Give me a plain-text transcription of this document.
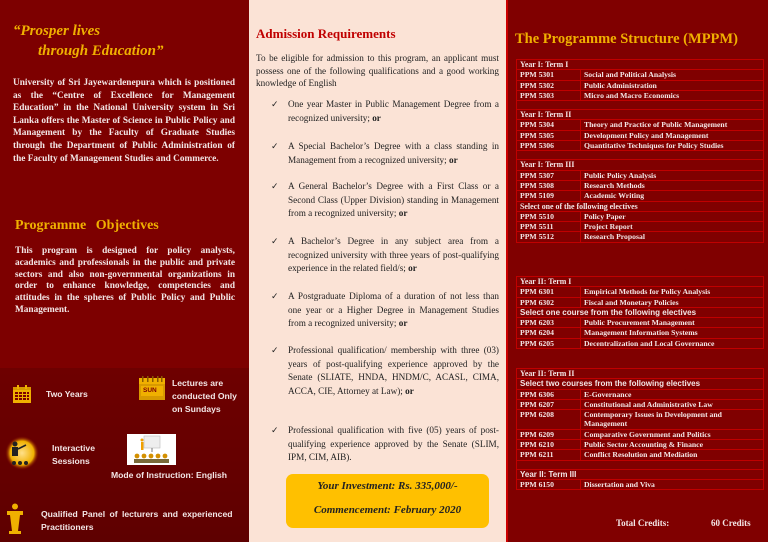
“Prosper lives
through Education”

University of Sri Jayewardenepura which is positioned as the “Centre of Excellence for Management Education” in the National University system in Sri Lanka offers the Master of Science in Public Policy and Management by the Faculty of Graduate Studies through the Department of Public Administration of the Faculty of Management Studies and Commerce.

Programme Objectives

This program is designed for policy analysts, academics and professionals in the public and private sectors and also non-governmental organizations in order to enhance knowledge, competencies and attitudes in the spheres of Public Policy and Public Management.

Two Years	SUN
Lectures are
conducted Only
on Sundays
Interactive
Sessions
Mode of Instruction: English
Qualified Panel of lecturers and experienced
Practitioners
Admission Requirements

To be eligible for admission to this program, an applicant must possess one of the following qualifications and a good working knowledge of English

✓ One year Master in Public Management Degree from a recognized university; or
✓ A Special Bachelor’s Degree with a class standing in Management from a recognized university; or
✓ A General Bachelor’s Degree with a First Class or a Second Class (Upper Division) standing in Management from a recognized university; or
✓ A Bachelor’s Degree in any subject area from a recognized university with three years of post-qualifying experience in the related field/s; or
✓ A Postgraduate Diploma of a duration of not less than one year or a Higher Degree in Management Studies from a recognized university; or
✓ Professional qualification/ membership with three (03) years of post-qualifying experience approved by the Senate (SLIATE, HNDA, HNDM/C, ACASL, CIMA, ACCA, CIE, Attorney at Law); or
✓ Professional qualification with five (05) years of post-qualifying experience approved by the Senate (SLIM, IPM, CIM, AIB).
Your Investment: Rs. 335,000/-
Commencement: February 2020
The Programme Structure (MPPM)
Year I: Term I	
PPM 5301	Social and Political Analysis
PPM 5302	Public Administration
PPM 5303	Micro and Macro Economics

Year I: Term II	
PPM 5304	Theory and Practice of Public Management
PPM 5305	Development Policy and Management
PPM 5306	Quantitative Techniques for Policy Studies

Year I: Term III	
PPM 5307	Public Policy Analysis
PPM 5308	Research Methods
PPM 5109	Academic Writing
Select one of the following electives	
PPM 5510	Policy Paper
PPM 5511	Project Report
PPM 5512	Research Proposal
Year II: Term I	
PPM 6301	Empirical Methods for Policy Analysis
PPM 6302	Fiscal and Monetary Policies
Select one course from the following electives	
PPM 6203	Public Procurement Management
PPM 6204	Management Information Systems
PPM 6205	Decentralization and Local Governance
Year II: Term II	
Select two courses from the following electives	
PPM 6306	E-Governance
PPM 6207	Constitutional and Administrative Law
PPM 6208	Contemporary Issues in Development and Management
PPM 6209	Comparative Government and Politics
PPM 6210	Public Sector Accounting & Finance
PPM 6211	Conflict Resolution and Mediation

Year II: Term III	
PPM 6150	Dissertation and Viva
Total Credits:	60 Credits
